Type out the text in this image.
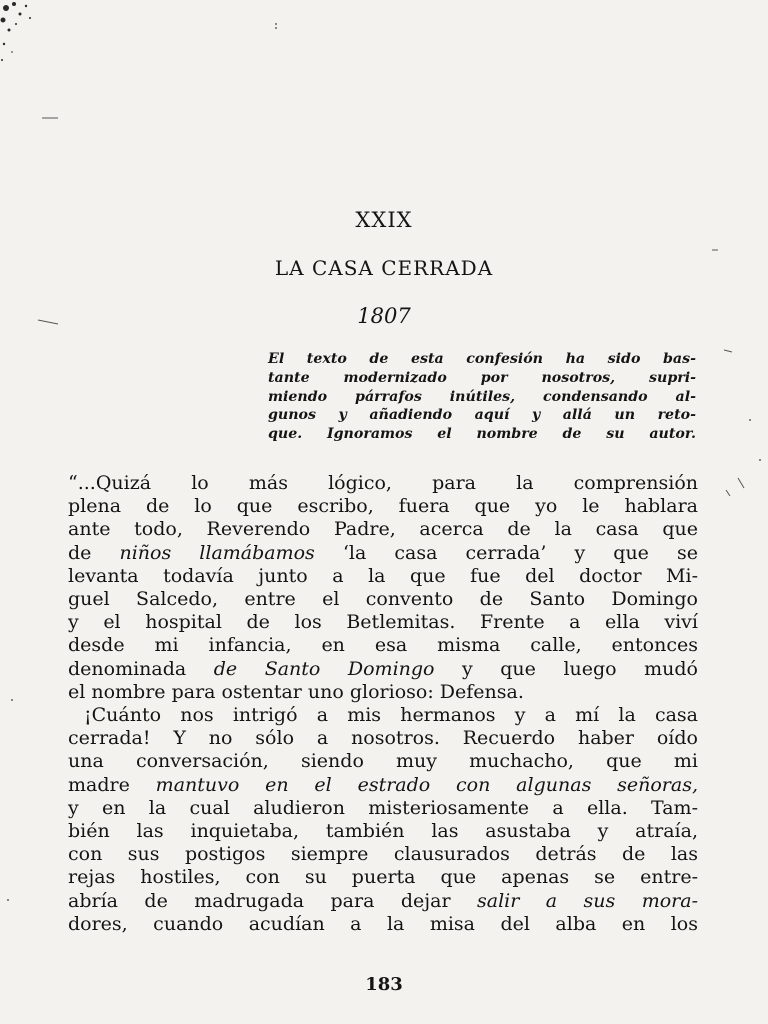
XXIX
LA CASA CERRADA
1807
El texto de esta confesión ha sido bas-
tante modernizado por nosotros, supri-
miendo párrafos inútiles, condensando al-
gunos y añadiendo aquí y allá un reto-
que. Ignoramos el nombre de su autor.
“...Quizá lo más lógico, para la comprensión
plena de lo que escribo, fuera que yo le hablara
ante todo, Reverendo Padre, acerca de la casa que
de niños llamábamos ‘la casa cerrada’ y que se
levanta todavía junto a la que fue del doctor Mi-
guel Salcedo, entre el convento de Santo Domingo
y el hospital de los Betlemitas. Frente a ella viví
desde mi infancia, en esa misma calle, entonces
denominada de Santo Domingo y que luego mudó
el nombre para ostentar uno glorioso: Defensa.
¡Cuánto nos intrigó a mis hermanos y a mí la casa
cerrada! Y no sólo a nosotros. Recuerdo haber oído
una conversación, siendo muy muchacho, que mi
madre mantuvo en el estrado con algunas señoras,
y en la cual aludieron misteriosamente a ella. Tam-
bién las inquietaba, también las asustaba y atraía,
con sus postigos siempre clausurados detrás de las
rejas hostiles, con su puerta que apenas se entre-
abría de madrugada para dejar salir a sus mora-
dores, cuando acudían a la misa del alba en los
183
